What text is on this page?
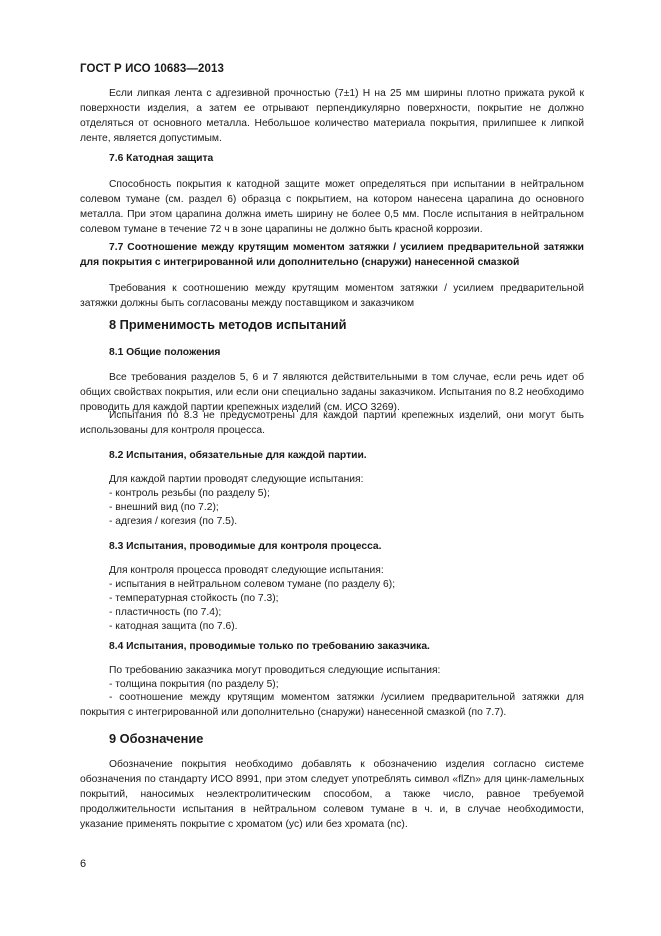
ГОСТ Р ИСО 10683—2013
Если липкая лента с адгезивной прочностью (7±1) Н на 25 мм ширины плотно прижата рукой к поверхности изделия, а затем ее отрывают перпендикулярно поверхности, покрытие не должно отделяться от основного металла. Небольшое количество материала покрытия, прилипшее к липкой ленте, является допустимым.
7.6 Катодная защита
Способность покрытия к катодной защите может определяться при испытании в нейтральном солевом тумане (см. раздел 6) образца с покрытием, на котором нанесена царапина до основного металла. При этом царапина должна иметь ширину не более 0,5 мм. После испытания в нейтральном солевом тумане в течение 72 ч в зоне царапины не должно быть красной коррозии.
7.7 Соотношение между крутящим моментом затяжки / усилием предварительной затяжки для покрытия с интегрированной или дополнительно (снаружи) нанесенной смазкой
Требования к соотношению между крутящим моментом затяжки / усилием предварительной затяжки должны быть согласованы между поставщиком и заказчиком
8 Применимость методов испытаний
8.1 Общие положения
Все требования разделов 5, 6 и 7 являются действительными в том случае, если речь идет об общих свойствах покрытия, или если они специально заданы заказчиком. Испытания по 8.2 необходимо проводить для каждой партии крепежных изделий (см. ИСО 3269).
Испытания по 8.3 не предусмотрены для каждой партии крепежных изделий, они могут быть использованы для контроля процесса.
8.2 Испытания, обязательные для каждой партии.
Для каждой партии проводят следующие испытания:
- контроль резьбы (по разделу 5);
- внешний вид (по 7.2);
- адгезия / когезия (по 7.5).
8.3 Испытания, проводимые для контроля процесса.
Для контроля процесса проводят следующие испытания:
- испытания в нейтральном солевом тумане (по разделу 6);
- температурная стойкость (по 7.3);
- пластичность (по 7.4);
- катодная защита (по 7.6).
8.4 Испытания, проводимые только по требованию заказчика.
По требованию заказчика могут проводиться следующие испытания:
- толщина покрытия (по разделу 5);
- соотношение между крутящим моментом затяжки /усилием предварительной затяжки для покрытия с интегрированной или дополнительно (снаружи) нанесенной смазкой (по 7.7).
9 Обозначение
Обозначение покрытия необходимо добавлять к обозначению изделия согласно системе обозначения по стандарту ИСО 8991, при этом следует употреблять символ «flZn» для цинк-ламельных покрытий, наносимых неэлектролитическим способом, а также число, равное требуемой продолжительности испытания в нейтральном солевом тумане в ч. и, в случае необходимости, указание применять покрытие с хроматом (yc) или без хромата (nc).
6
